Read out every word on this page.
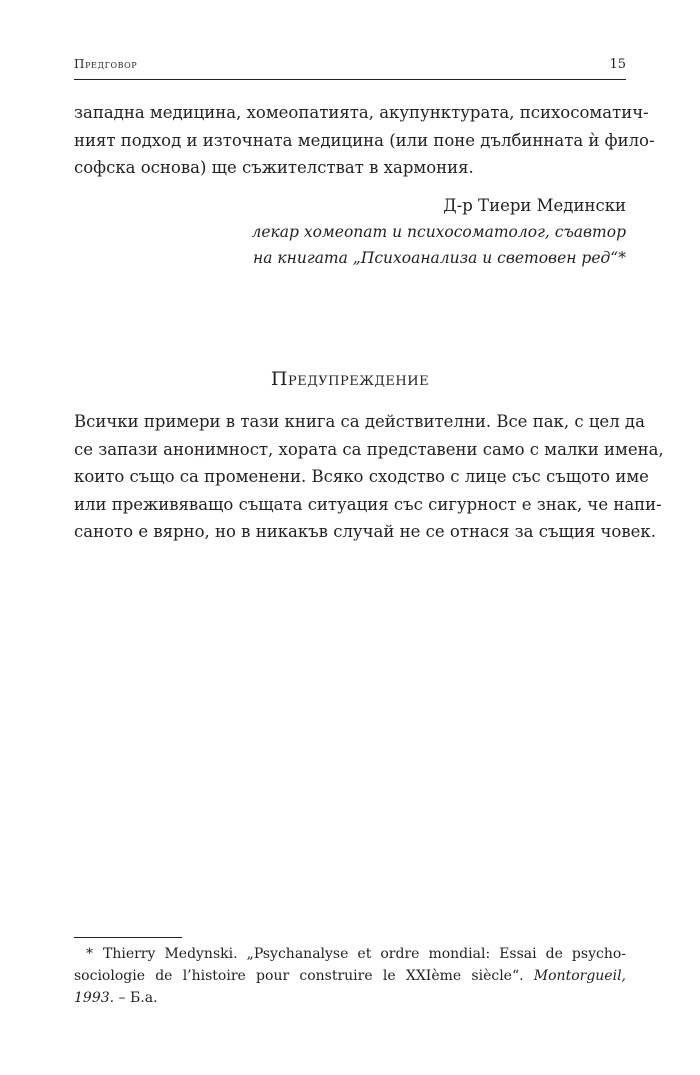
Предговор	15
западна медицина, хомеопатията, акупунктурата, психосоматич-
ният подход и източната медицина (или поне дълбинната ѝ фило-
софска основа) ще съжителстват в хармония.
Д-р Тиери Медински
лекар хомеопат и психосоматолог, съавтор
на книгата „Психоанализа и световен ред“*
Предупреждение
Всички примери в тази книга са действителни. Все пак, с цел да
се запази анонимност, хората са представени само с малки имена,
които също са променени. Всяко сходство с лице със същото име
или преживяващо същата ситуация със сигурност е знак, че напи-
саното е вярно, но в никакъв случай не се отнася за същия човек.
* Thierry Medynski. „Psychanalyse et ordre mondial: Essai de psycho-
sociologie de l’histoire pour construire le XXIème siècle“. Montorgueil,
1993. – Б.а.
